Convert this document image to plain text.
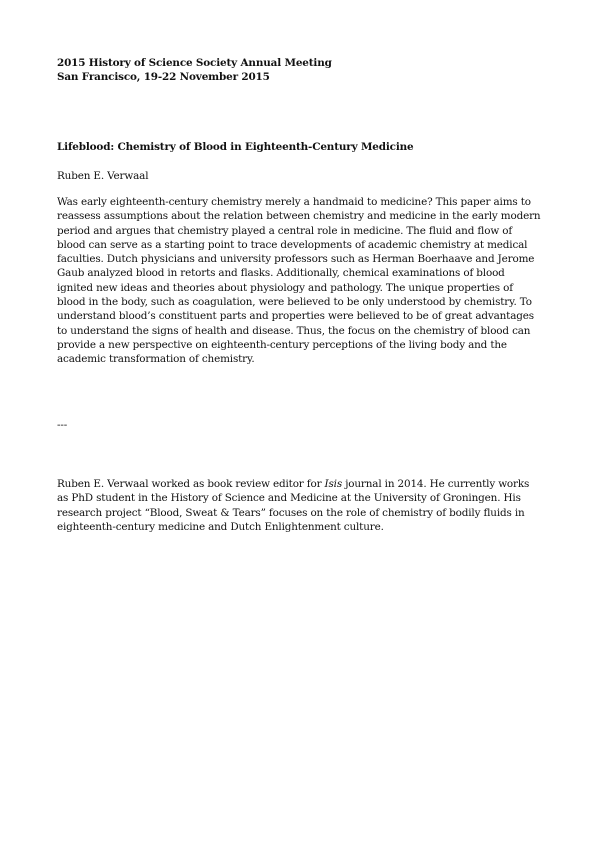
2015 History of Science Society Annual Meeting
San Francisco, 19-22 November 2015
Lifeblood: Chemistry of Blood in Eighteenth-Century Medicine
Ruben E. Verwaal
Was early eighteenth-century chemistry merely a handmaid to medicine? This paper aims to reassess assumptions about the relation between chemistry and medicine in the early modern period and argues that chemistry played a central role in medicine. The fluid and flow of blood can serve as a starting point to trace developments of academic chemistry at medical faculties. Dutch physicians and university professors such as Herman Boerhaave and Jerome Gaub analyzed blood in retorts and flasks. Additionally, chemical examinations of blood ignited new ideas and theories about physiology and pathology. The unique properties of blood in the body, such as coagulation, were believed to be only understood by chemistry. To understand blood’s constituent parts and properties were believed to be of great advantages to understand the signs of health and disease. Thus, the focus on the chemistry of blood can provide a new perspective on eighteenth-century perceptions of the living body and the academic transformation of chemistry.
---
Ruben E. Verwaal worked as book review editor for Isis journal in 2014. He currently works as PhD student in the History of Science and Medicine at the University of Groningen. His research project “Blood, Sweat & Tears” focuses on the role of chemistry of bodily fluids in eighteenth-century medicine and Dutch Enlightenment culture.
